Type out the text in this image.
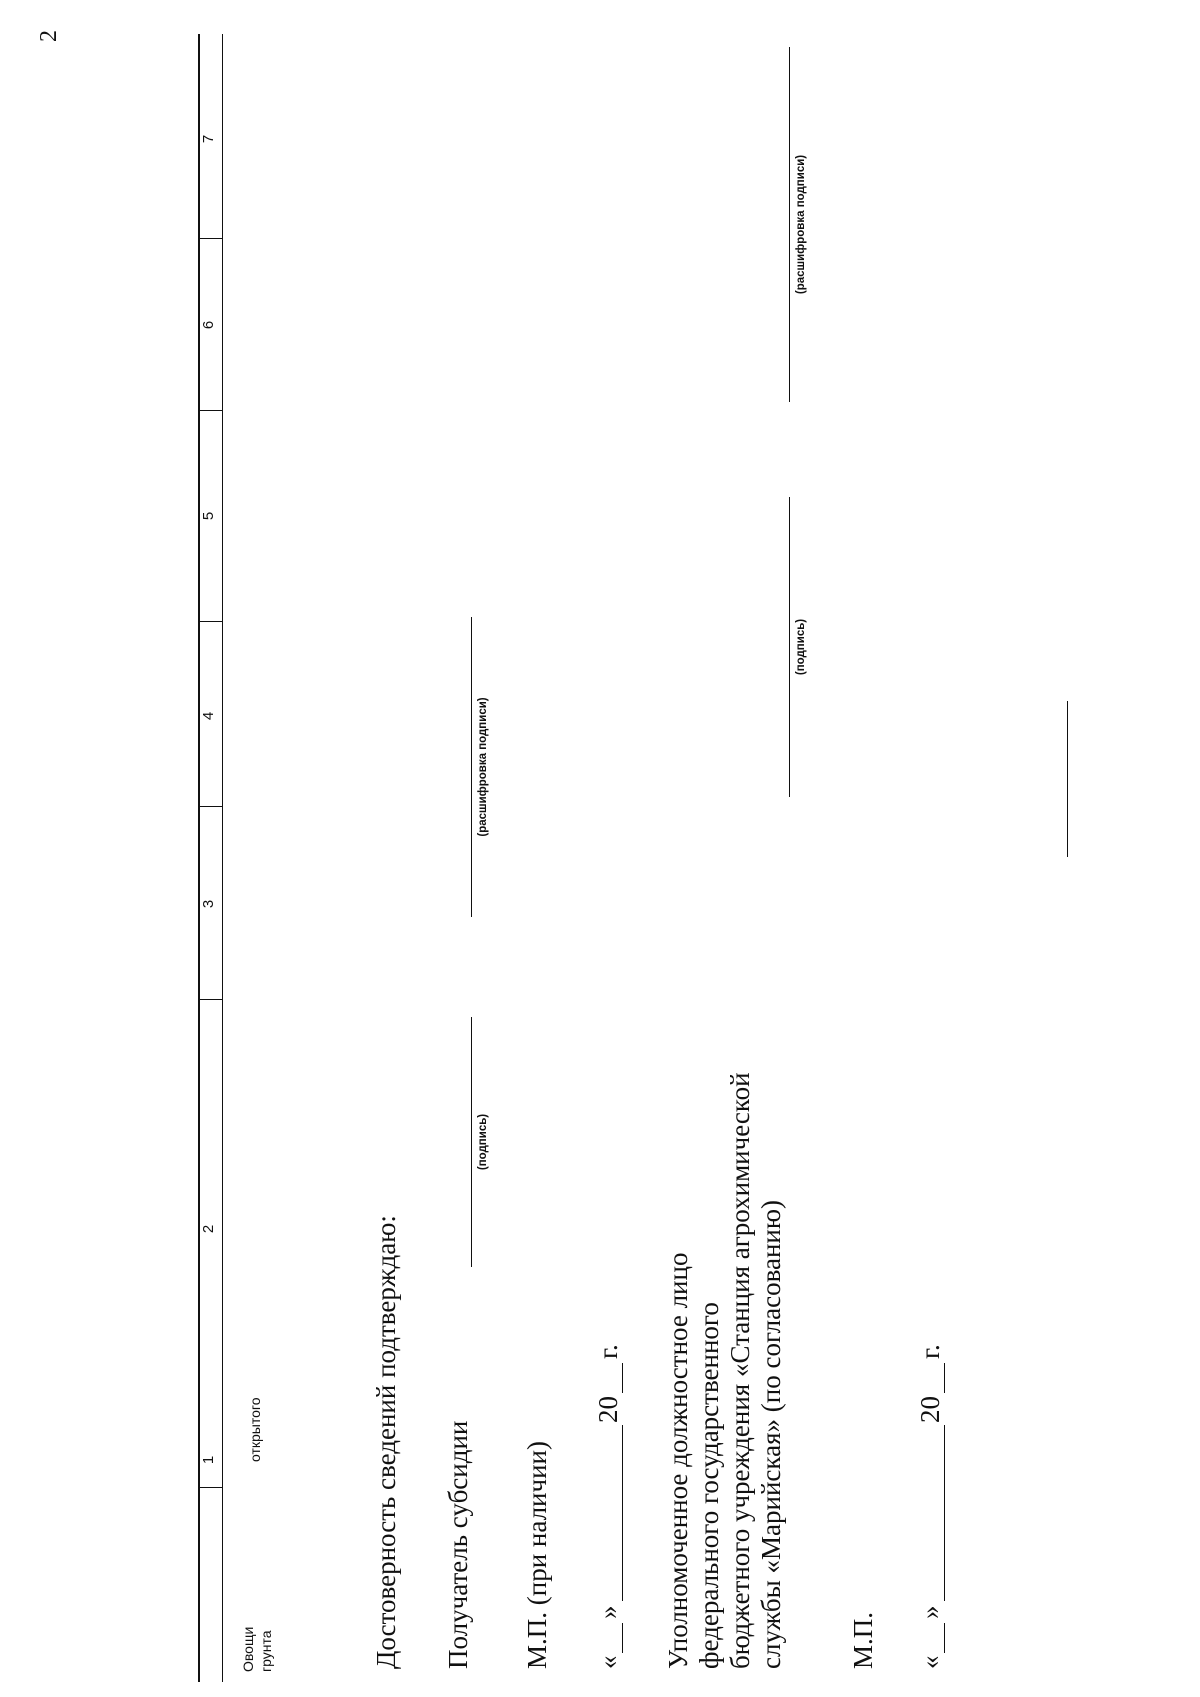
2
1
2
3
4
5
6
7
Овощи грунта
открытого	Достоверность сведений подтверждаю: Получатель субсидии
(подпись)
(расшифровка подписи)
М.П. (при наличии) «
»
20
г. Уполномоченное должностное лицо федерального государственного бюджетного учреждения «Станция агрохимической службы «Марийская» (по согласованию)
(подпись)
(расшифровка подписи)
М.П. «
»
20
г.
